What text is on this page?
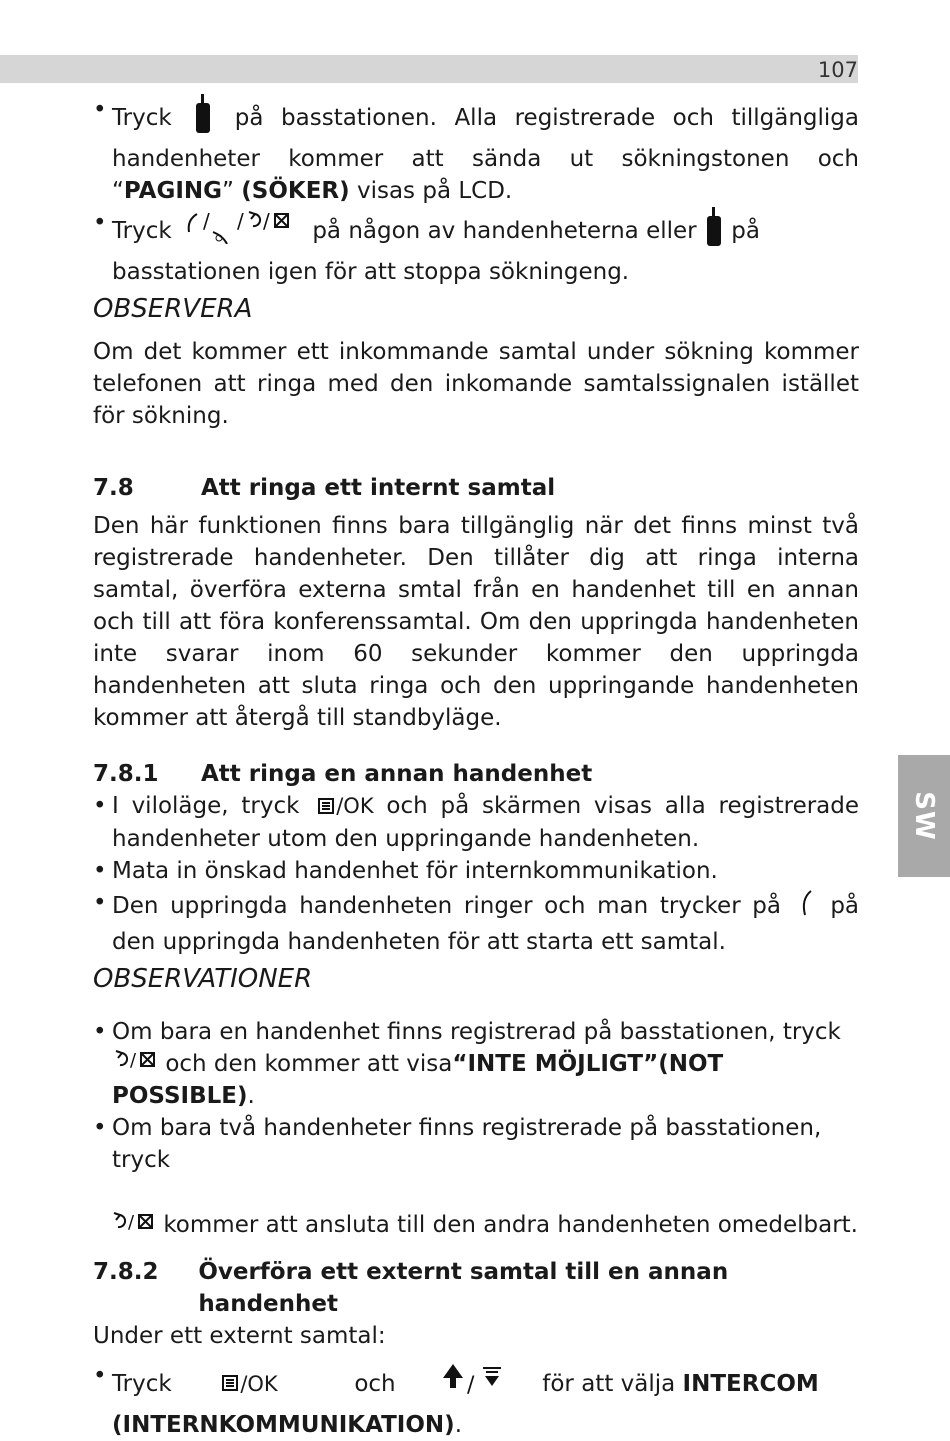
107
SW

• Tryck	på basstationen. Alla registrerade och tillgängliga handenheter kommer att sända ut sökningstonen och “PAGING” (SÖKER) visas på LCD.

• Tryck / / / på någon av handenheterna eller på basstationen igen för att stoppa sökningeng.

OBSERVERA

Om det kommer ett inkommande samtal under sökning kommer telefonen att ringa med den inkomande samtalssignalen istället för sökning.

7.8	Att ringa ett internt samtal

Den här funktionen finns bara tillgänglig när det finns minst två registrerade handenheter. Den tillåter dig att ringa interna samtal, överföra externa smtal från en handenhet till en annan och till att föra konferenssamtal. Om den uppringda handenheten inte svarar inom 60 sekunder kommer den uppringda handenheten att sluta ringa och den uppringande handenheten kommer att återgå till standbyläge.

7.8.1	Att ringa en annan handenhet

• I viloläge, tryck /OK och på skärmen visas alla registrerade handenheter utom den uppringande handenheten.

• Mata in önskad handenhet för internkommunikation.

• Den uppringda handenheten ringer och man trycker på på den uppringda handenheten för att starta ett samtal.

OBSERVATIONER

• Om bara en handenhet finns registrerad på basstationen, tryck
/ och den kommer att visa“INTE MÖJLIGT”(NOT POSSIBLE).

• Om bara två handenheter finns registrerade på basstationen, tryck

/ kommer att ansluta till den andra handenheten omedelbart.

7.8.2	Överföra ett externt samtal till en annan handenhet

Under ett externt samtal:

• Tryck	/OK	och	/	för att välja INTERCOM (INTERNKOMMUNIKATION).
